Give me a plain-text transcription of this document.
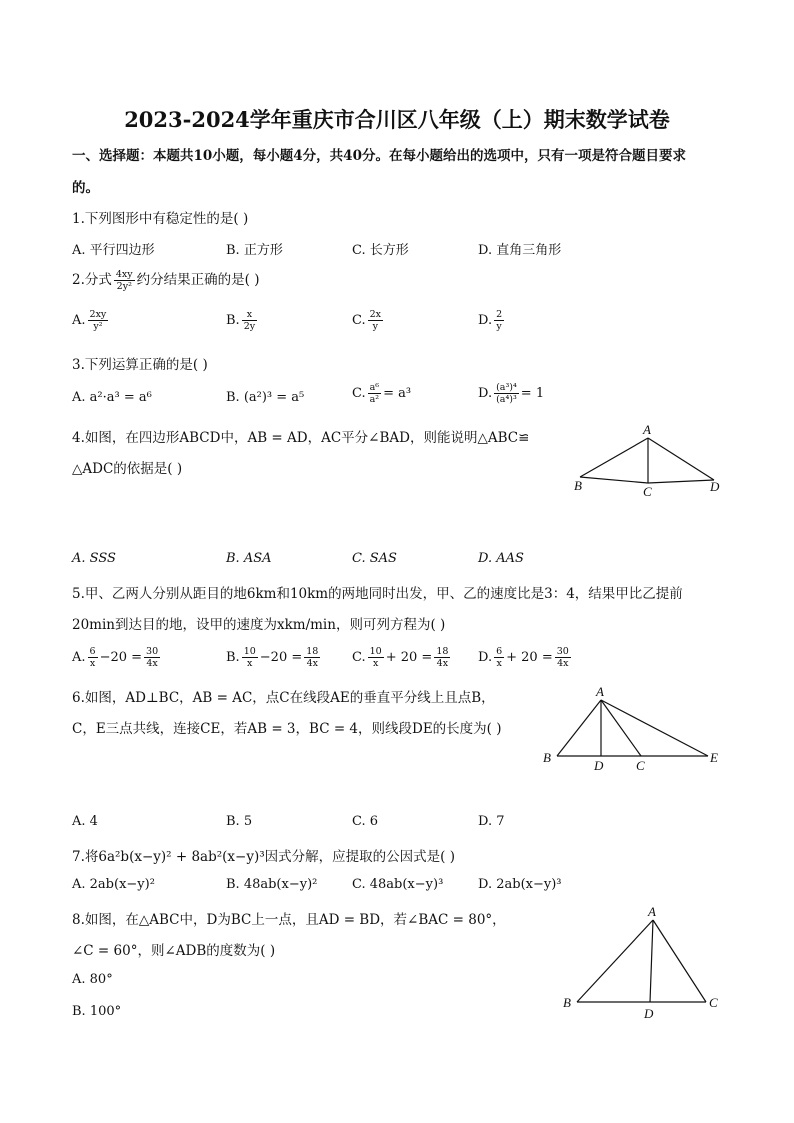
2023-2024学年重庆市合川区八年级（上）期末数学试卷
一、选择题：本题共10小题，每小题4分，共40分。在每小题给出的选项中，只有一项是符合题目要求
的。
1.下列图形中有稳定性的是( )
A. 平行四边形	B. 正方形	C. 长方形	D. 直角三角形
2.分式 $\frac{4xy}{\text{2y²}}$ 约分结果正确的是( )
A. $\frac{2xy}{\text{y²}}$	B. $\frac{x}{2y}$	C. $\frac{2x}{y}$	D. $\frac{2}{y}$
3.下列运算正确的是( )
A. a²·a³ = a⁶	B. (a²)³ = a⁵	C. $\frac{\text{a⁶}}{\text{a²}} = a^3$	D. $\frac{\text{(a³)⁴}}{\text{(a⁴)³}} = 1$
4.如图，在四边形ABCD中，AB = AD，AC平分∠BAD，则能说明△ABC≌
△ADC的依据是( )
A
B	C	D
A. SSS	B. ASA	C. SAS	D. AAS
5.甲、乙两人分别从距目的地6km和10km的两地同时出发，甲、乙的速度比是3：4，结果甲比乙提前
20min到达目的地，设甲的速度为xkm/min，则可列方程为( )
A. $\frac{6}{x} -20 = \frac{30}{4x}$	B. $\frac{10}{x} -20 = \frac{18}{4x} C$. $\frac{10}{x} + 20 = \frac{18}{4x} D$. $\frac{6}{x} + 20 = \frac{30}{4x}$
6.如图，AD⊥BC，AB = AC，点C在线段AE的垂直平分线上且点B，
C，E三点共线，连接CE，若AB = 3，BC = 4，则线段DE的长度为( )
A
B
D	C
E
A. 4	B. 5	C. 6	D. 7
7.将6a²b(x−y)² + 8ab²(x−y)³因式分解，应提取的公因式是( )
A. 2ab(x−y)²	B. 48ab(x−y)²	C. 48ab(x−y)³	D. 2ab(x−y)³
8.如图，在△ABC中，D为BC上一点，且AD = BD，若∠BAC = 80°，
∠C = 60°，则∠ADB的度数为( )
A. 80°
B. 100°
A
B
D
C
